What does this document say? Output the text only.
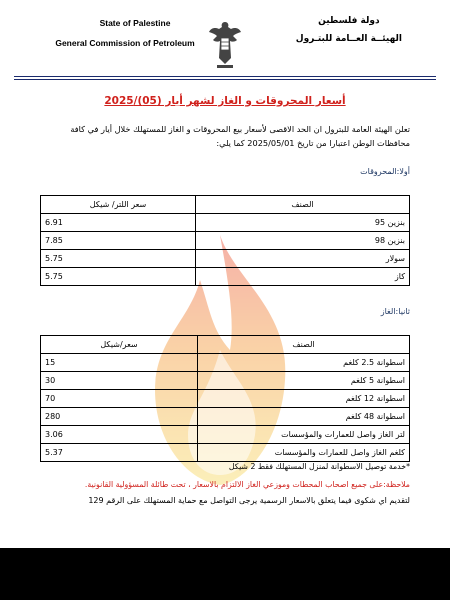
State of Palestine
General Commission of Petroleum
دولة فلسطين
الهيئــة العــامة للبتـرول
أسعار المحروقات و الغاز لشهر أيار (05)/2025
تعلن الهيئة العامة للبترول ان الحد الاقصى لأسعار بيع المحروقات و الغاز للمستهلك خلال أيار في كافة محافظات الوطن اعتبارا من تاريخ 2025/05/01 كما يلي:
أولا:المحروقات
الصنف	سعر اللتر/ شيكل
بنزين 95	6.91
بنزين 98	7.85
سولار	5.75
كاز	5.75
ثانيا:الغاز
الصنف	سعر/شيكل
اسطوانة 2.5 كلغم	15
اسطوانة 5 كلغم	30
اسطوانة 12 كلغم	70
اسطوانة 48 كلغم	280
لتر الغاز واصل للعمارات والمؤسسات	3.06
كلغم الغاز واصل للعمارات والمؤسسات	5.37
*خدمة توصيل الاسطوانة لمنزل المستهلك فقط 2 شيكل
ملاحظة:على جميع اصحاب المحطات وموزعي الغاز الالتزام بالاسعار ، تحت طائلة المسؤولية القانونية.
لتقديم اي شكوى فيما يتعلق بالاسعار الرسمية يرجى التواصل مع حماية المستهلك على الرقم 129
